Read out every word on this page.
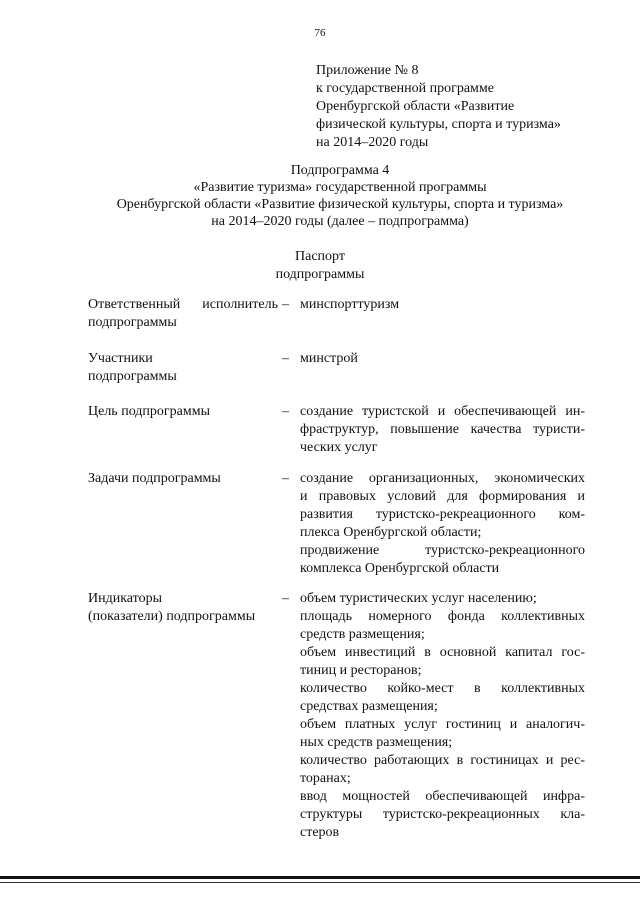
76
Приложение № 8
к государственной программе
Оренбургской области «Развитие
физической культуры, спорта и туризма»
на 2014–2020 годы
Подпрограмма 4
«Развитие туризма» государственной программы
Оренбургской области «Развитие физической культуры, спорта и туризма»
на 2014–2020 годы (далее – подпрограмма)
Паспорт
подпрограммы
Ответственный исполнитель
подпрограммы
– минспорттуризм
Участники
подпрограммы
– минстрой
Цель подпрограммы	– создание туристской и обеспечивающей ин-
фраструктур, повышение качества туристи-
ческих услуг
Задачи подпрограммы	– создание организационных, экономических
и правовых условий для формирования и
развития туристско-рекреационного ком-
плекса Оренбургской области;
продвижение туристско-рекреационного
комплекса Оренбургской области
Индикаторы
(показатели) подпрограммы
– объем туристических услуг населению;
площадь номерного фонда коллективных
средств размещения;
объем инвестиций в основной капитал гос-
тиниц и ресторанов;
количество койко-мест в коллективных
средствах размещения;
объем платных услуг гостиниц и аналогич-
ных средств размещения;
количество работающих в гостиницах и рес-
торанах;
ввод мощностей обеспечивающей инфра-
структуры туристско-рекреационных кла-
стеров
